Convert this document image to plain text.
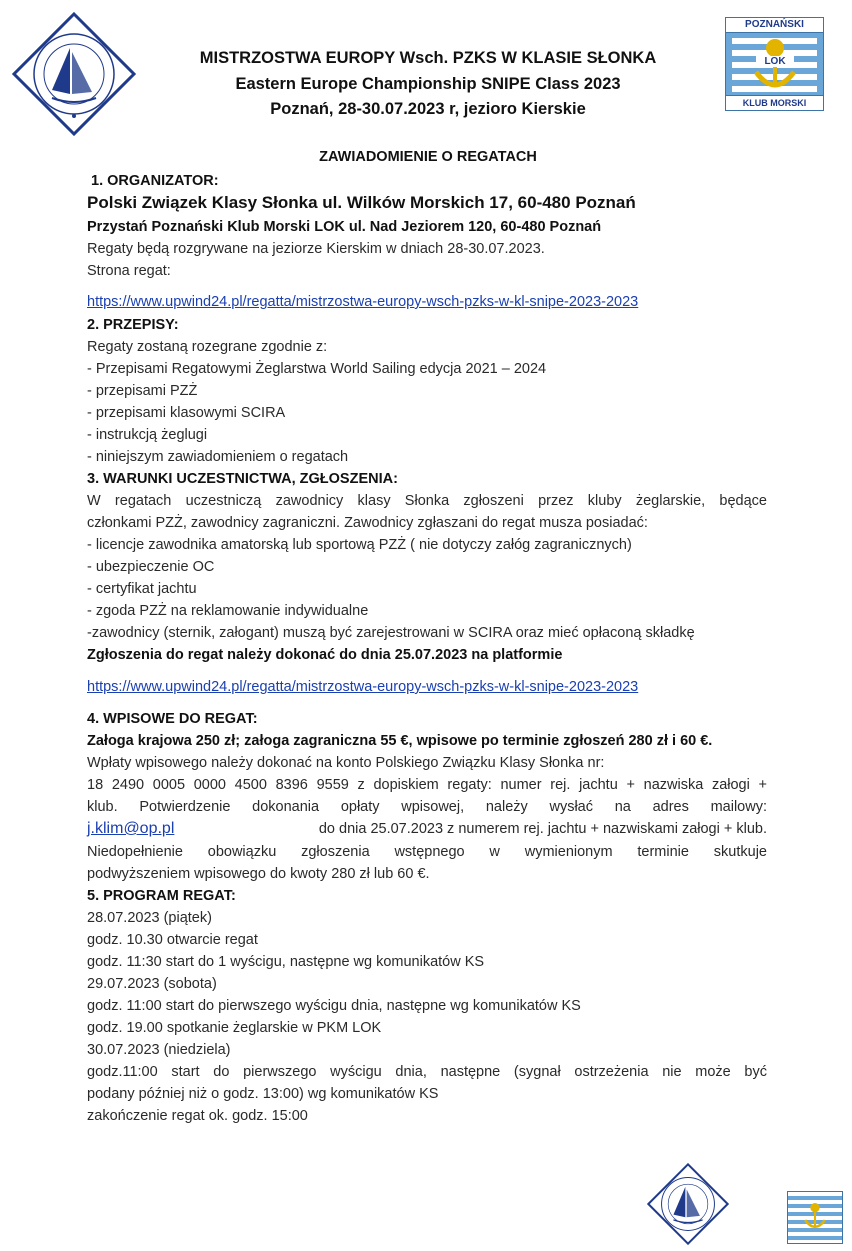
POZNAŃSKI
LOK
KLUB MORSKI
MISTRZOSTWA EUROPY Wsch. PZKS W KLASIE SŁONKA
Eastern Europe Championship SNIPE Class 2023
Poznań, 28-30.07.2023 r, jezioro Kierskie
ZAWIADOMIENIE O REGATACH
1. ORGANIZATOR:
Polski Związek Klasy Słonka ul. Wilków Morskich 17, 60-480 Poznań
Przystań Poznański Klub Morski LOK ul. Nad Jeziorem 120, 60-480 Poznań
Regaty będą rozgrywane na jeziorze Kierskim w dniach 28-30.07.2023.
Strona regat:
https://www.upwind24.pl/regatta/mistrzostwa-europy-wsch-pzks-w-kl-snipe-2023-2023
2. PRZEPISY:
Regaty zostaną rozegrane zgodnie z:
- Przepisami Regatowymi Żeglarstwa World Sailing edycja 2021 – 2024
- przepisami PZŻ
- przepisami klasowymi SCIRA
- instrukcją żeglugi
- niniejszym zawiadomieniem o regatach
3. WARUNKI UCZESTNICTWA, ZGŁOSZENIA:
W regatach uczestniczą zawodnicy klasy Słonka zgłoszeni przez kluby żeglarskie, będące
członkami PZŻ, zawodnicy zagraniczni. Zawodnicy zgłaszani do regat musza posiadać:
- licencje zawodnika amatorską lub sportową PZŻ ( nie dotyczy załóg zagranicznych)
- ubezpieczenie OC
- certyfikat jachtu
- zgoda PZŻ na reklamowanie indywidualne
-zawodnicy (sternik, załogant) muszą być zarejestrowani w SCIRA oraz mieć opłaconą składkę
Zgłoszenia do regat należy dokonać do dnia 25.07.2023 na platformie
https://www.upwind24.pl/regatta/mistrzostwa-europy-wsch-pzks-w-kl-snipe-2023-2023
4. WPISOWE DO REGAT:
Załoga krajowa 250 zł; załoga zagraniczna 55 €, wpisowe po terminie zgłoszeń 280 zł i 60 €.
Wpłaty wpisowego należy dokonać na konto Polskiego Związku Klasy Słonka nr:
18 2490 0005 0000 4500 8396 9559 z dopiskiem regaty: numer rej. jachtu + nazwiska załogi +
klub. Potwierdzenie dokonania opłaty wpisowej, należy wysłać na adres mailowy:
j.klim@op.pl	do dnia 25.07.2023 z numerem rej. jachtu + nazwiskami załogi + klub.
Niedopełnienie obowiązku zgłoszenia wstępnego w wymienionym terminie skutkuje
podwyższeniem wpisowego do kwoty 280 zł lub 60 €.
5. PROGRAM REGAT:
28.07.2023 (piątek)
godz. 10.30 otwarcie regat
godz. 11:30 start do 1 wyścigu, następne wg komunikatów KS
29.07.2023 (sobota)
godz. 11:00 start do pierwszego wyścigu dnia, następne wg komunikatów KS
godz. 19.00 spotkanie żeglarskie w PKM LOK
30.07.2023 (niedziela)
godz.11:00 start do pierwszego wyścigu dnia, następne (sygnał ostrzeżenia nie może być
podany później niż o godz. 13:00) wg komunikatów KS
zakończenie regat ok. godz. 15:00
